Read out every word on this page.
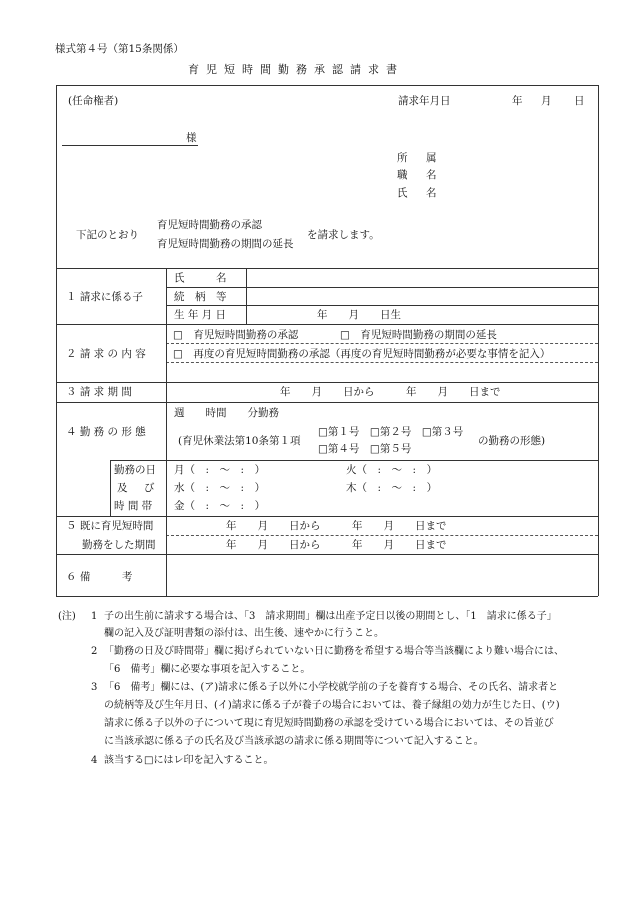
様式第４号（第15条関係）
育児短時間勤務承認請求書
(任命権者)	請求年月日	年 月 日
様
所　属
職　名
氏　名
下記のとおり
育児短時間勤務の承認
育児短時間勤務の期間の延長
を請求します。
１ 請求に係る子
氏　　　名
続　柄　等
生 年 月 日	年　　月　　日生
２ 請 求 の 内 容
□　育児短時間勤務の承認	□　育児短時間勤務の期間の延長
□　再度の育児短時間勤務の承認（再度の育児短時間勤務が必要な事情を記入）
３ 請 求 期 間	年　　月　　日から　　　年　　月　　日まで
４ 勤 務 の 形 態
週　　時間　　分勤務
(育児休業法第10条第１項
□第１号　□第２号　□第３号
□第４号　□第５号
の勤務の形態)
勤務の日
及　び
時 間 帯
月（　:　〜　:　）	火（　:　〜　:　）
水（　:　〜　:　）	木（　:　〜　:　）
金（　:　〜　:　）
５ 既に育児短時間
勤務をした期間
年　　月　　日から　　　年　　月　　日まで
年　　月　　日から　　　年　　月　　日まで
６ 備　　　考
(注) 1 子の出生前に請求する場合は、「3　請求期間」欄は出産予定日以後の期間とし、「1　請求に係る子」
欄の記入及び証明書類の添付は、出生後、速やかに行うこと。
2 「勤務の日及び時間帯」欄に掲げられていない日に勤務を希望する場合等当該欄により難い場合には、
「6　備考」欄に必要な事項を記入すること。
3 「6　備考」欄には、(ア)請求に係る子以外に小学校就学前の子を養育する場合、その氏名、請求者と
の続柄等及び生年月日、(イ)請求に係る子が養子の場合においては、養子縁組の効力が生じた日、(ウ)
請求に係る子以外の子について現に育児短時間勤務の承認を受けている場合においては、その旨並び
に当該承認に係る子の氏名及び当該承認の請求に係る期間等について記入すること。
4 該当する□にはレ印を記入すること。
